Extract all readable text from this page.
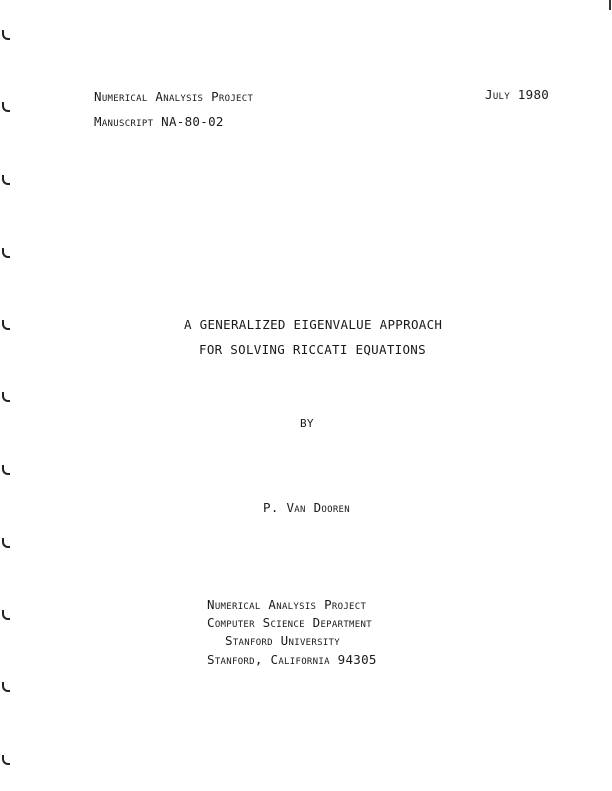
Numerical Analysis Project
Manuscript NA-80-02
July 1980
A GENERALIZED EIGENVALUE APPROACH
FOR SOLVING RICCATI EQUATIONS
BY
P. Van Dooren
Numerical Analysis Project
Computer Science Department
Stanford University
Stanford, California 94305
